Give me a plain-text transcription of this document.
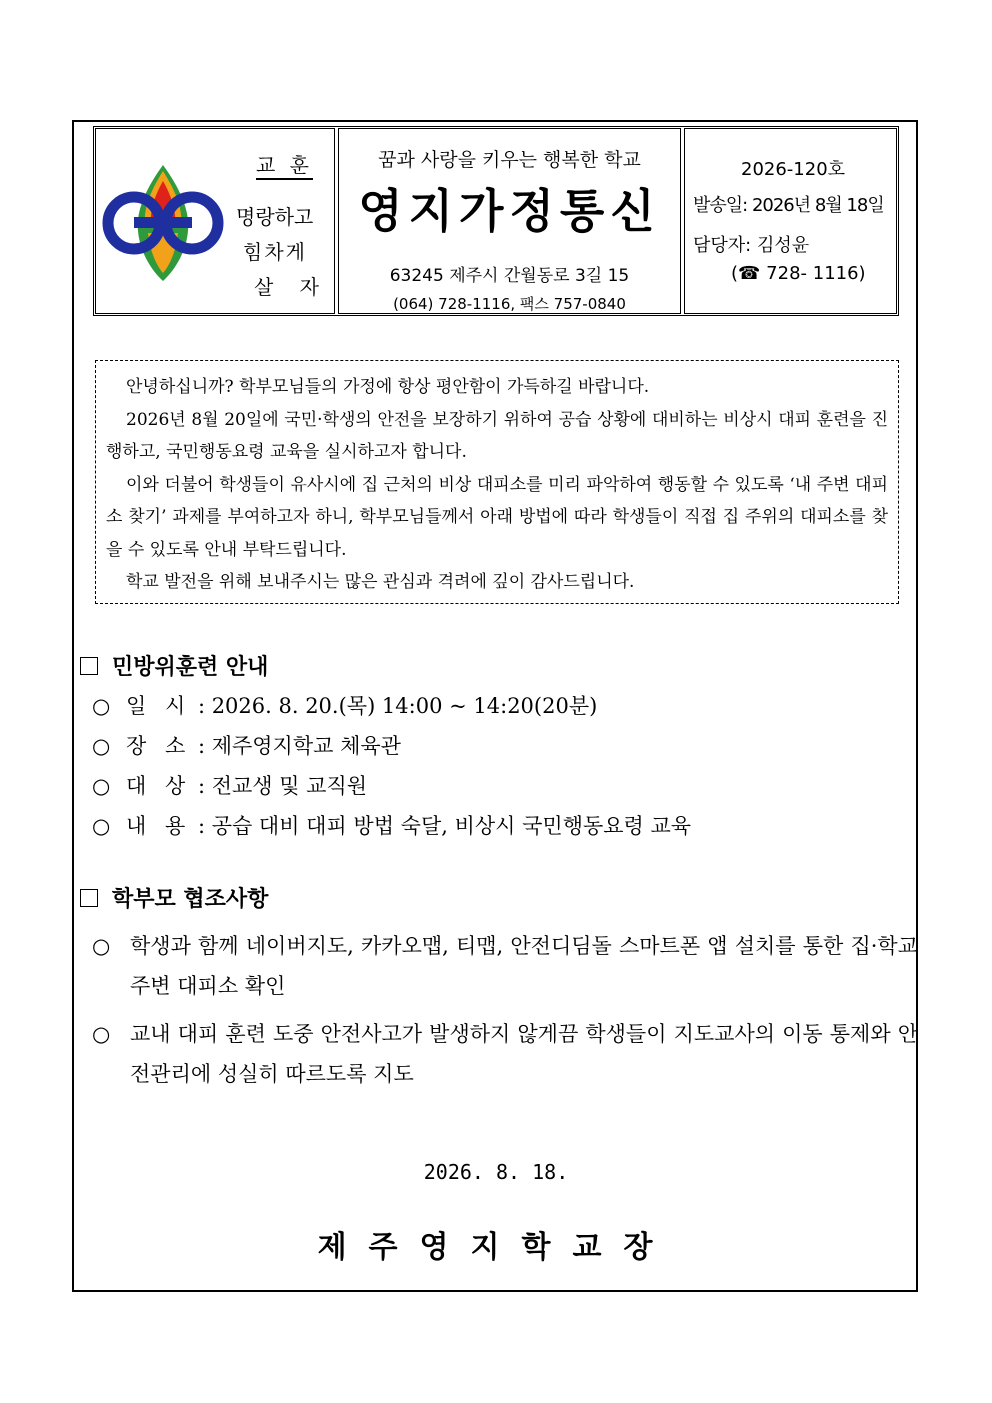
교 훈
명랑하고
힘차게
살 자
꿈과 사랑을 키우는 행복한 학교
영지가정통신
63245 제주시 간월동로 3길 15
(064) 728-1116, 팩스 757-0840
2026-120호
발송일: 2026년 8월 18일
담당자: 김성윤
(☎ 728- 1116)

안녕하십니까? 학부모님들의 가정에 항상 평안함이 가득하길 바랍니다.

2026년 8월 20일에 국민·학생의 안전을 보장하기 위하여 공습 상황에 대비하는 비상시 대피 훈련을 진행하고, 국민행동요령 교육을 실시하고자 합니다.

이와 더불어 학생들이 유사시에 집 근처의 비상 대피소를 미리 파악하여 행동할 수 있도록 ‘내 주변 대피소 찾기’ 과제를 부여하고자 하니, 학부모님들께서 아래 방법에 따라 학생들이 직접 집 주위의 대피소를 찾을 수 있도록 안내 부탁드립니다.

학교 발전을 위해 보내주시는 많은 관심과 격려에 깊이 감사드립니다.

민방위훈련 안내
○ 일 시 : 2026. 8. 20.(목) 14:00 ~ 14:20(20분)
○ 장 소 : 제주영지학교 체육관
○ 대 상 : 전교생 및 교직원
○ 내 용 : 공습 대비 대피 방법 숙달, 비상시 국민행동요령 교육
학부모 협조사항
○ 학생과 함께 네이버지도, 카카오맵, 티맵, 안전디딤돌 스마트폰 앱 설치를 통한 집·학교 주변 대피소 확인
○ 교내 대피 훈련 도중 안전사고가 발생하지 않게끔 학생들이 지도교사의 이동 통제와 안전관리에 성실히 따르도록 지도
2026. 8. 18.
제주영지학교장
